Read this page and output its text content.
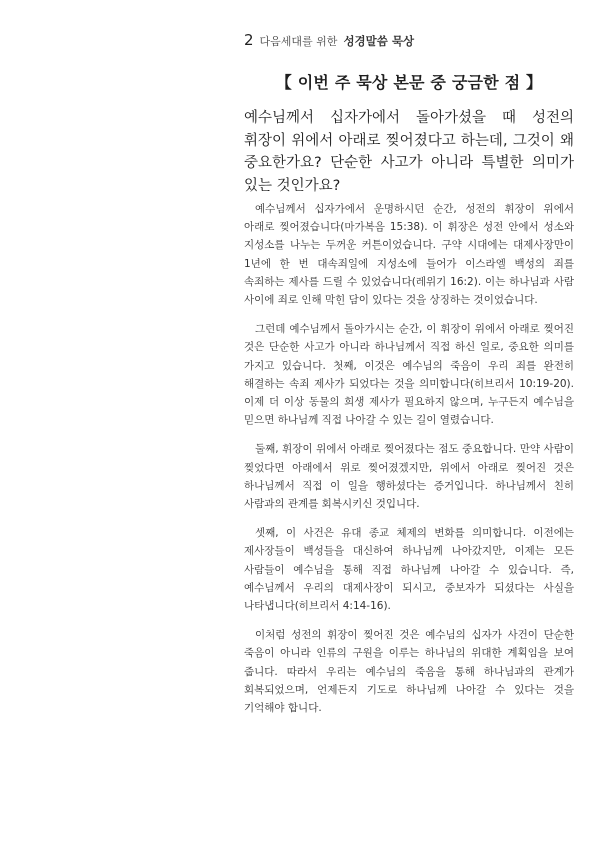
2 다음세대를 위한 성경말씀 묵상
【 이번 주 묵상 본문 중 궁금한 점 】
예수님께서 십자가에서 돌아가셨을 때 성전의 휘장이 위에서 아래로 찢어졌다고 하는데, 그것이 왜 중요한가요? 단순한 사고가 아니라 특별한 의미가 있는 것인가요?

예수님께서 십자가에서 운명하시던 순간, 성전의 휘장이 위에서 아래로 찢어졌습니다(마가복음 15:38). 이 휘장은 성전 안에서 성소와 지성소를 나누는 두꺼운 커튼이었습니다. 구약 시대에는 대제사장만이 1년에 한 번 대속죄일에 지성소에 들어가 이스라엘 백성의 죄를 속죄하는 제사를 드릴 수 있었습니다(레위기 16:2). 이는 하나님과 사람 사이에 죄로 인해 막힌 담이 있다는 것을 상징하는 것이었습니다.

그런데 예수님께서 돌아가시는 순간, 이 휘장이 위에서 아래로 찢어진 것은 단순한 사고가 아니라 하나님께서 직접 하신 일로, 중요한 의미를 가지고 있습니다. 첫째, 이것은 예수님의 죽음이 우리 죄를 완전히 해결하는 속죄 제사가 되었다는 것을 의미합니다(히브리서 10:19-20). 이제 더 이상 동물의 희생 제사가 필요하지 않으며, 누구든지 예수님을 믿으면 하나님께 직접 나아갈 수 있는 길이 열렸습니다.

둘째, 휘장이 위에서 아래로 찢어졌다는 점도 중요합니다. 만약 사람이 찢었다면 아래에서 위로 찢어졌겠지만, 위에서 아래로 찢어진 것은 하나님께서 직접 이 일을 행하셨다는 증거입니다. 하나님께서 친히 사람과의 관계를 회복시키신 것입니다.

셋째, 이 사건은 유대 종교 체제의 변화를 의미합니다. 이전에는 제사장들이 백성들을 대신하여 하나님께 나아갔지만, 이제는 모든 사람들이 예수님을 통해 직접 하나님께 나아갈 수 있습니다. 즉, 예수님께서 우리의 대제사장이 되시고, 중보자가 되셨다는 사실을 나타냅니다(히브리서 4:14-16).

이처럼 성전의 휘장이 찢어진 것은 예수님의 십자가 사건이 단순한 죽음이 아니라 인류의 구원을 이루는 하나님의 위대한 계획임을 보여 줍니다. 따라서 우리는 예수님의 죽음을 통해 하나님과의 관계가 회복되었으며, 언제든지 기도로 하나님께 나아갈 수 있다는 것을 기억해야 합니다.
